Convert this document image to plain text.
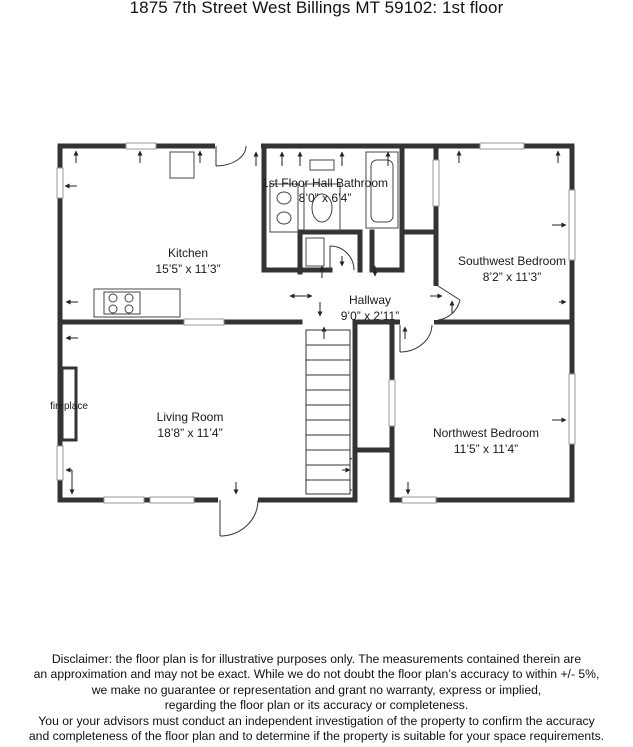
1875 7th Street West Billings MT 59102: 1st floor
Kitchen
15’5” x 11’3”
1st Floor Hall Bathroom
8’0” x 6’4”
Southwest Bedroom
8’2” x 11’3”
Hallway
9’0” x 2’11”
Living Room
18’8” x 11’4”	Northwest Bedroom
11’5” x 11’4”
fireplace
Disclaimer: the floor plan is for illustrative purposes only. The measurements contained therein are
an approximation and may not be exact. While we do not doubt the floor plan’s accuracy to within +/- 5%,
we make no guarantee or representation and grant no warranty, express or implied,
regarding the floor plan or its accuracy or completeness.
You or your advisors must conduct an independent investigation of the property to confirm the accuracy
and completeness of the floor plan and to determine if the property is suitable for your space requirements.
